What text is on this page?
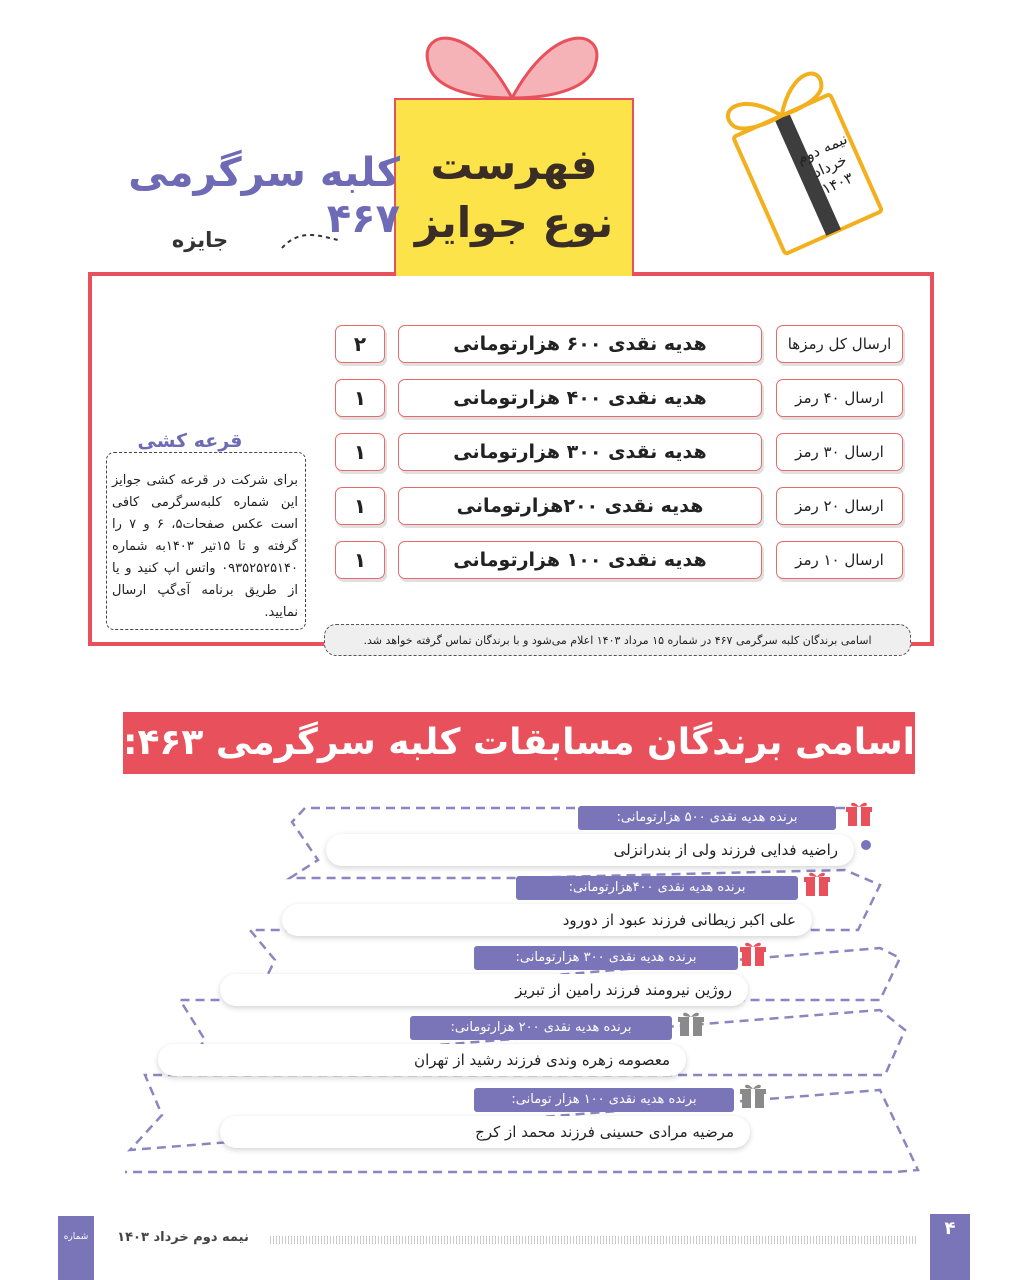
فهرست
نوع جوایز
کلبه سرگرمی ۴۶۷
جایزه
نیمه دوم
خرداد
۱۴۰۳
ارسال کل رمزها
هدیه نقدی ۶۰۰ هزارتومانی
۲
ارسال ۴۰ رمز
هدیه نقدی ۴۰۰ هزارتومانی
۱
ارسال ۳۰ رمز
هدیه نقدی ۳۰۰ هزارتومانی
۱
ارسال ۲۰ رمز
هدیه نقدی ۲۰۰هزارتومانی
۱
ارسال ۱۰ رمز
هدیه نقدی ۱۰۰ هزارتومانی
۱
قرعه کشی
برای شرکت در قرعه کشی جوایز این شماره کلبه‌سرگرمی کافی است عکس صفحات۵، ۶ و ۷ را گرفته و تا ۱۵تیر ۱۴۰۳به شماره ۰۹۳۵۲۵۲۵۱۴۰ واتس اپ کنید و یا از طریق برنامه آی‌گپ ارسال نمایید.
اسامی برندگان کلبه سرگرمی ۴۶۷ در شماره ۱۵ مرداد ۱۴۰۳ اعلام می‌شود و با برندگان تماس گرفته خواهد شد.
اسامی برندگان مسابقات کلبه سرگرمی ۴۶۳:
برنده هدیه نقدی ۵۰۰ هزارتومانی:
راضیه فدایی فرزند ولی از بندرانزلی
برنده هدیه نقدی ۴۰۰هزارتومانی:
علی اکبر زیطانی فرزند عبود از دورود
برنده هدیه نقدی ۳۰۰ هزارتومانی:
روژین نیرومند فرزند رامین از تبریز
برنده هدیه نقدی ۲۰۰ هزارتومانی:
معصومه زهره وندی فرزند رشید از تهران
برنده هدیه نقدی ۱۰۰ هزار تومانی:
مرضیه مرادی حسینی فرزند محمد از کرج
۴۶۷
شماره	نیمه دوم خرداد ۱۴۰۳	۴
